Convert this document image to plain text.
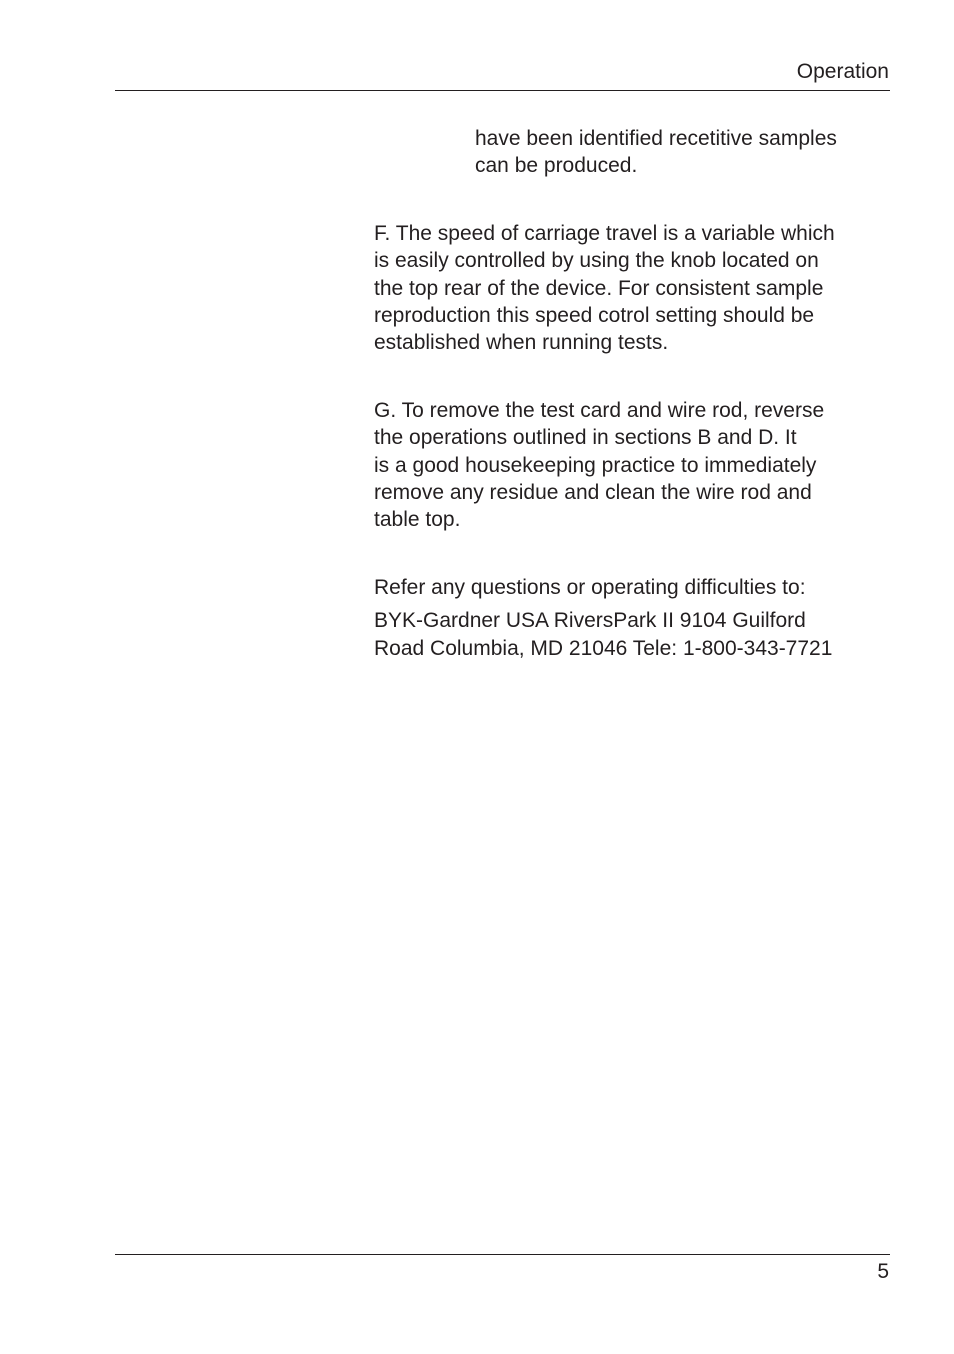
Operation

have been identified recetitive samples
can be produced.

F. The speed of carriage travel is a variable which
is easily controlled by using the knob located on
the top rear of the device. For consistent sample
reproduction this speed cotrol setting should be
established when running tests.

G. To remove the test card and wire rod, reverse
the operations outlined in sections B and D. It
is a good housekeeping practice to immediately
remove any residue and clean the wire rod and
table top.

Refer any questions or operating difficulties to:

BYK-Gardner USA RiversPark II 9104 Guilford
Road Columbia, MD 21046 Tele: 1-800-343-7721

5
